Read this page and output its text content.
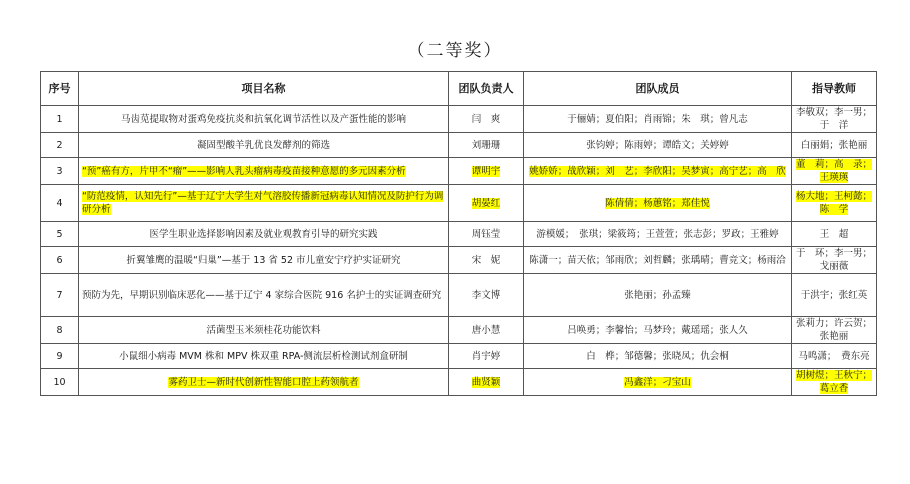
（二等奖）
序号	项目名称	团队负责人	团队成员	指导教师
1	马齿苋提取物对蛋鸡免疫抗炎和抗氧化调节活性以及产蛋性能的影响	闫　爽	于俪婧；夏伯阳；肖雨锦；朱　琪；曾凡志	李敬双；李一男；于　洋
2	凝固型酸羊乳优良发酵剂的筛选	刘珊珊	张钧婷；陈雨婷；谭皓文；关婷婷	白丽娟；张艳丽
3	“预”癌有方，片甲不“瘤”——影响人乳头瘤病毒疫苗接种意愿的多元因素分析	谭明宇	姚娇娇；战欣颖；刘　艺；李欣阳；吴梦寅；高宁艺；高　欣	董　莉；高　录；王瑛瑛
4	“防范疫情，认知先行”—基于辽宁大学生对气溶胶传播新冠病毒认知情况及防护行为调研分析	胡晏红	陈倩倩；杨蕙铭；郑佳悦	杨大地；王柯懿；陈　学
5	医学生职业选择影响因素及就业观教育引导的研究实践	周钰莹	游模媛；　张琪；梁筱筠；王萱萱；张志彭；罗政；王雅婷	王　超
6	折翼雏鹰的温暖“归巢”—基于 13 省 52 市儿童安宁疗护实证研究	宋　妮	陈潇一；苗天依；邹雨欣；刘哲麟；张瑀晴；曹竞文；杨雨洽	于　环；李一男；戈丽薇
7	预防为先，早期识别临床恶化——基于辽宁 4 家综合医院 916 名护士的实证调查研究	李文博	张艳丽；孙孟臻	于洪宇；张红英
8	活菌型玉米须桂花功能饮料	唐小慧	吕唤勇；李馨怡；马梦玲；戴瑶瑶；张人久	张莉力；许云贺；张艳丽
9	小鼠细小病毒 MVM 株和 MPV 株双重 RPA-侧流层析检测试剂盒研制	肖宇婷	白　桦；邹德馨；张晓凤；仇会桐	马鸣潇；　费东亮
10	雾药卫士—新时代创新性智能口腔上药领航者	曲贤颖	冯鑫洋；刁宝山	胡树煜；王秋宁；葛立香
